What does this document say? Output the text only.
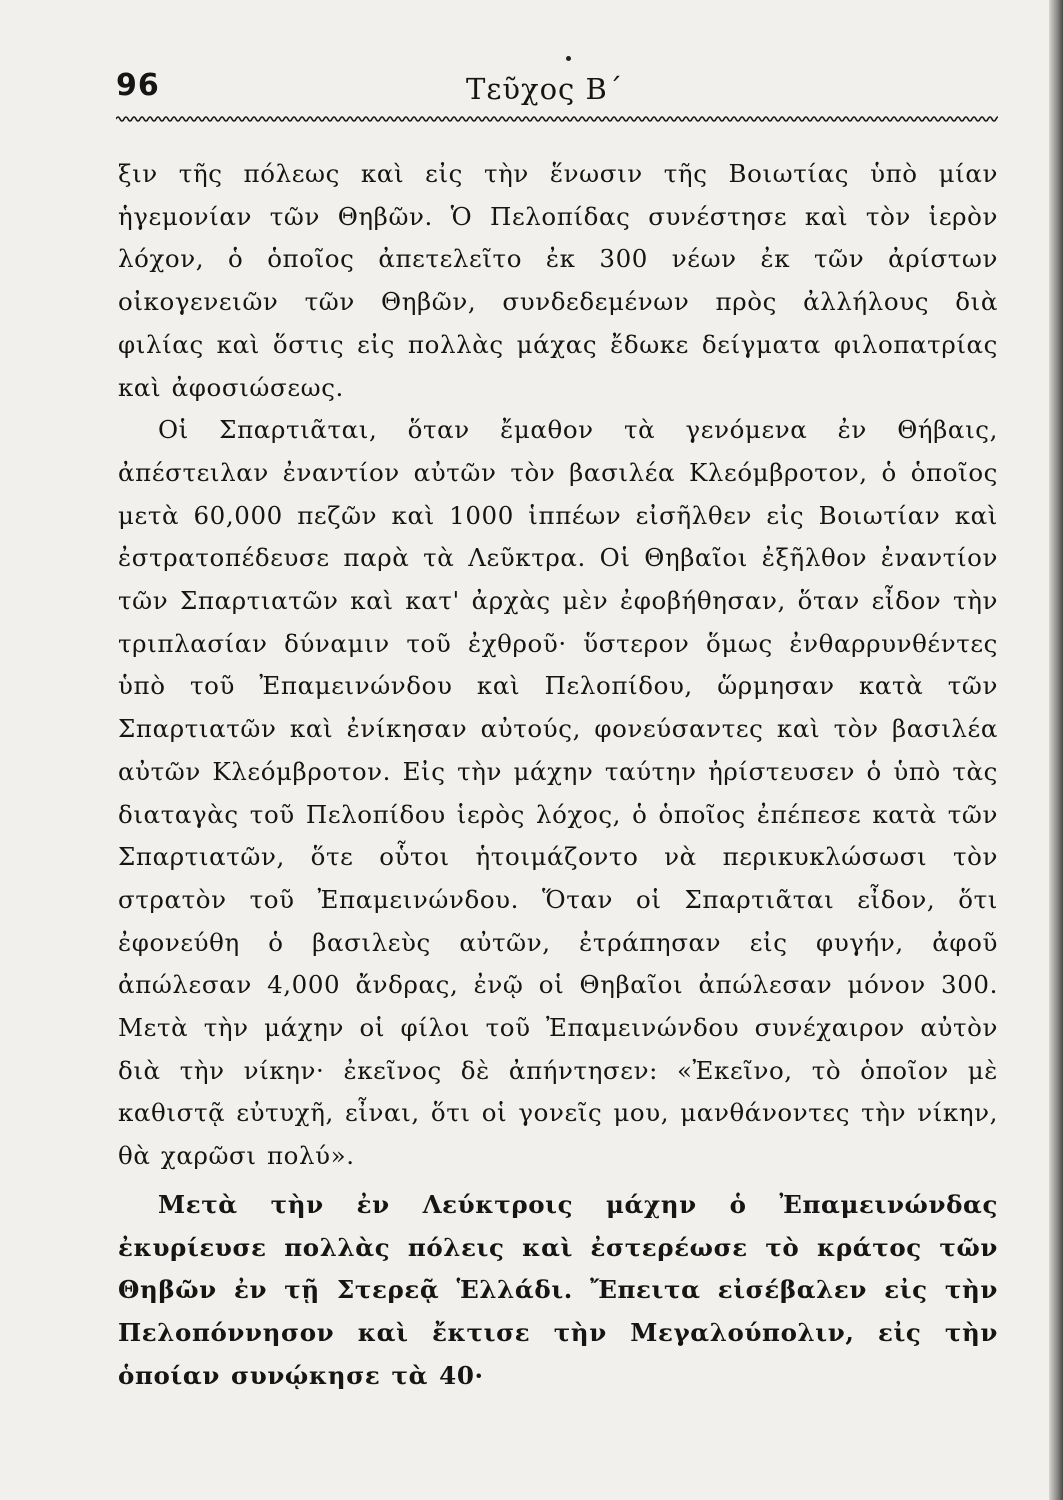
96	Τεῦχος Β΄

ξιν τῆς πόλεως καὶ εἰς τὴν ἕνωσιν τῆς Βοιωτίας ὑπὸ μίαν ἡγεμονίαν τῶν Θηβῶν. Ὁ Πελοπίδας συνέστησε καὶ τὸν ἱερὸν λόχον, ὁ ὁποῖος ἀπετελεῖτο ἐκ 300 νέων ἐκ τῶν ἀρίστων οἰκογενειῶν τῶν Θηβῶν, συνδεδεμένων πρὸς ἀλλήλους διὰ φιλίας καὶ ὅστις εἰς πολλὰς μάχας ἔδωκε δείγματα φιλοπατρίας καὶ ἀφοσιώσεως.

Οἱ Σπαρτιᾶται, ὅταν ἔμαθον τὰ γενόμενα ἐν Θήβαις, ἀπέστειλαν ἐναντίον αὐτῶν τὸν βασιλέα Κλεόμβροτον, ὁ ὁποῖος μετὰ 60,000 πεζῶν καὶ 1000 ἱππέων εἰσῆλθεν εἰς Βοιωτίαν καὶ ἐστρατοπέδευσε παρὰ τὰ Λεῦκτρα. Οἱ Θηβαῖοι ἐξῆλθον ἐναντίον τῶν Σπαρτιατῶν καὶ κατ' ἀρχὰς μὲν ἐφοβήθησαν, ὅταν εἶδον τὴν τριπλασίαν δύναμιν τοῦ ἐχθροῦ· ὕστερον ὅμως ἐνθαρρυνθέντες ὑπὸ τοῦ Ἐπαμεινώνδου καὶ Πελοπίδου, ὥρμησαν κατὰ τῶν Σπαρτιατῶν καὶ ἐνίκησαν αὐτούς, φονεύσαντες καὶ τὸν βασιλέα αὐτῶν Κλεόμβροτον. Εἰς τὴν μάχην ταύτην ἠρίστευσεν ὁ ὑπὸ τὰς διαταγὰς τοῦ Πελοπίδου ἱερὸς λόχος, ὁ ὁποῖος ἐπέπεσε κατὰ τῶν Σπαρτιατῶν, ὅτε οὗτοι ἡτοιμάζοντο νὰ περικυκλώσωσι τὸν στρατὸν τοῦ Ἐπαμεινώνδου. Ὅταν οἱ Σπαρτιᾶται εἶδον, ὅτι ἐφονεύθη ὁ βασιλεὺς αὐτῶν, ἐτράπησαν εἰς φυγήν, ἀφοῦ ἀπώλεσαν 4,000 ἄνδρας, ἐνῷ οἱ Θηβαῖοι ἀπώλεσαν μόνον 300. Μετὰ τὴν μάχην οἱ φίλοι τοῦ Ἐπαμεινώνδου συνέχαιρον αὐτὸν διὰ τὴν νίκην· ἐκεῖνος δὲ ἀπήντησεν: «Ἐκεῖνο, τὸ ὁποῖον μὲ καθιστᾷ εὐτυχῆ, εἶναι, ὅτι οἱ γονεῖς μου, μανθάνοντες τὴν νίκην, θὰ χαρῶσι πολύ».

Μετὰ τὴν ἐν Λεύκτροις μάχην ὁ Ἐπαμεινώνδας ἐκυρίευσε πολλὰς πόλεις καὶ ἐστερέωσε τὸ κράτος τῶν Θηβῶν ἐν τῇ Στερεᾷ Ἑλλάδι. Ἔπειτα εἰσέβαλεν εἰς τὴν Πελοπόννησον καὶ ἔκτισε τὴν Μεγαλούπολιν, εἰς τὴν ὁποίαν συνῴκησε τὰ 40·
